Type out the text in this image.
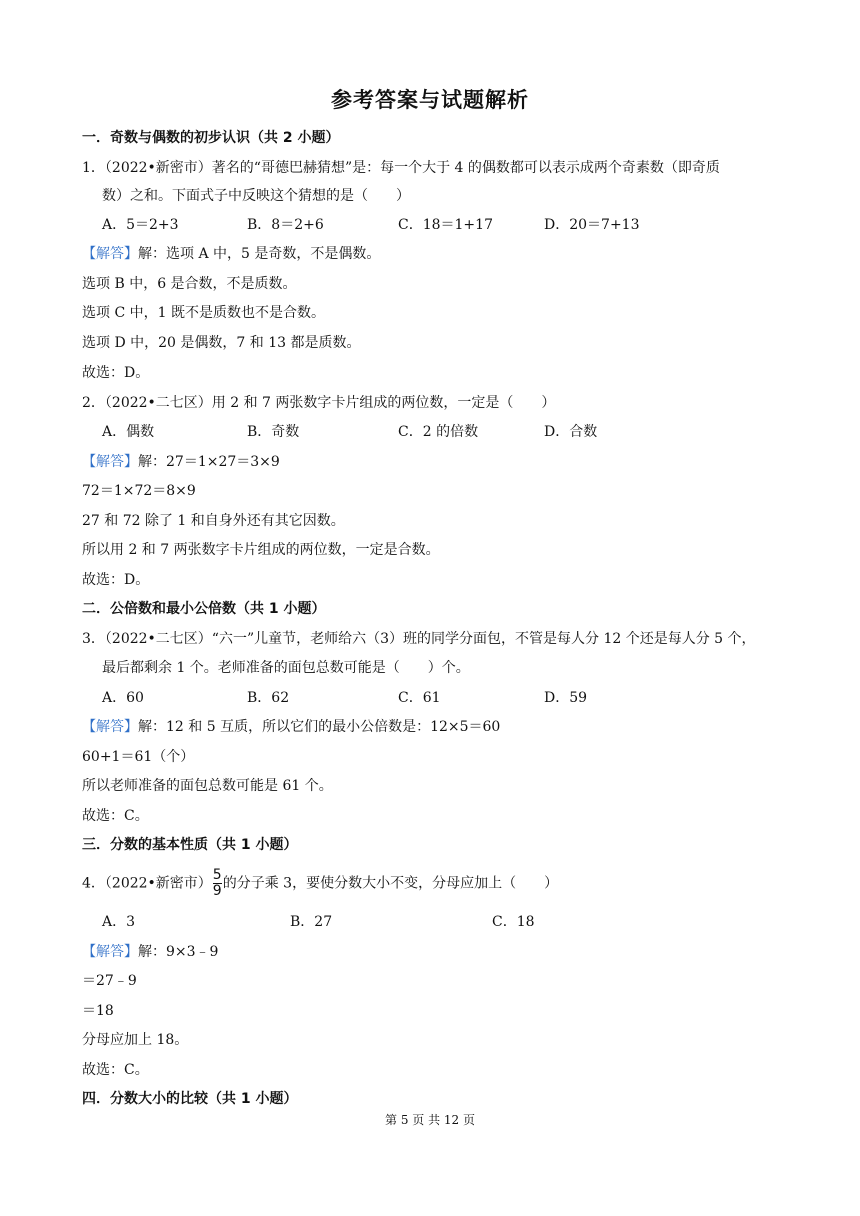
参考答案与试题解析
一．奇数与偶数的初步认识（共 2 小题）
1．（2022•新密市）著名的“哥德巴赫猜想”是：每一个大于 4 的偶数都可以表示成两个奇素数（即奇质
数）之和。下面式子中反映这个猜想的是（　　）
A．5＝2+3	B．8＝2+6	C．18＝1+17	D．20＝7+13
【解答】解：选项 A 中，5 是奇数，不是偶数。
选项 B 中，6 是合数，不是质数。
选项 C 中，1 既不是质数也不是合数。
选项 D 中，20 是偶数，7 和 13 都是质数。
故选：D。
2．（2022•二七区）用 2 和 7 两张数字卡片组成的两位数，一定是（　　）
A．偶数	B．奇数	C．2 的倍数	D．合数
【解答】解：27＝1×27＝3×9
72＝1×72＝8×9
27 和 72 除了 1 和自身外还有其它因数。
所以用 2 和 7 两张数字卡片组成的两位数，一定是合数。
故选：D。
二．公倍数和最小公倍数（共 1 小题）
3．（2022•二七区）“六一”儿童节，老师给六（3）班的同学分面包，不管是每人分 12 个还是每人分 5 个，
最后都剩余 1 个。老师准备的面包总数可能是（　　）个。
A．60	B．62	C．61	D．59
【解答】解：12 和 5 互质，所以它们的最小公倍数是：12×5＝60
60+1＝61（个）
所以老师准备的面包总数可能是 61 个。
故选：C。
三．分数的基本性质（共 1 小题）
4．（2022•新密市） $\frac{5}{9}$ 的分子乘 3，要使分数大小不变，分母应加上（　　）
A．3	B．27	C．18
【解答】解：9×3﹣9
＝27﹣9
＝18
分母应加上 18。
故选：C。
四．分数大小的比较（共 1 小题）
第 5 页 共 12 页
